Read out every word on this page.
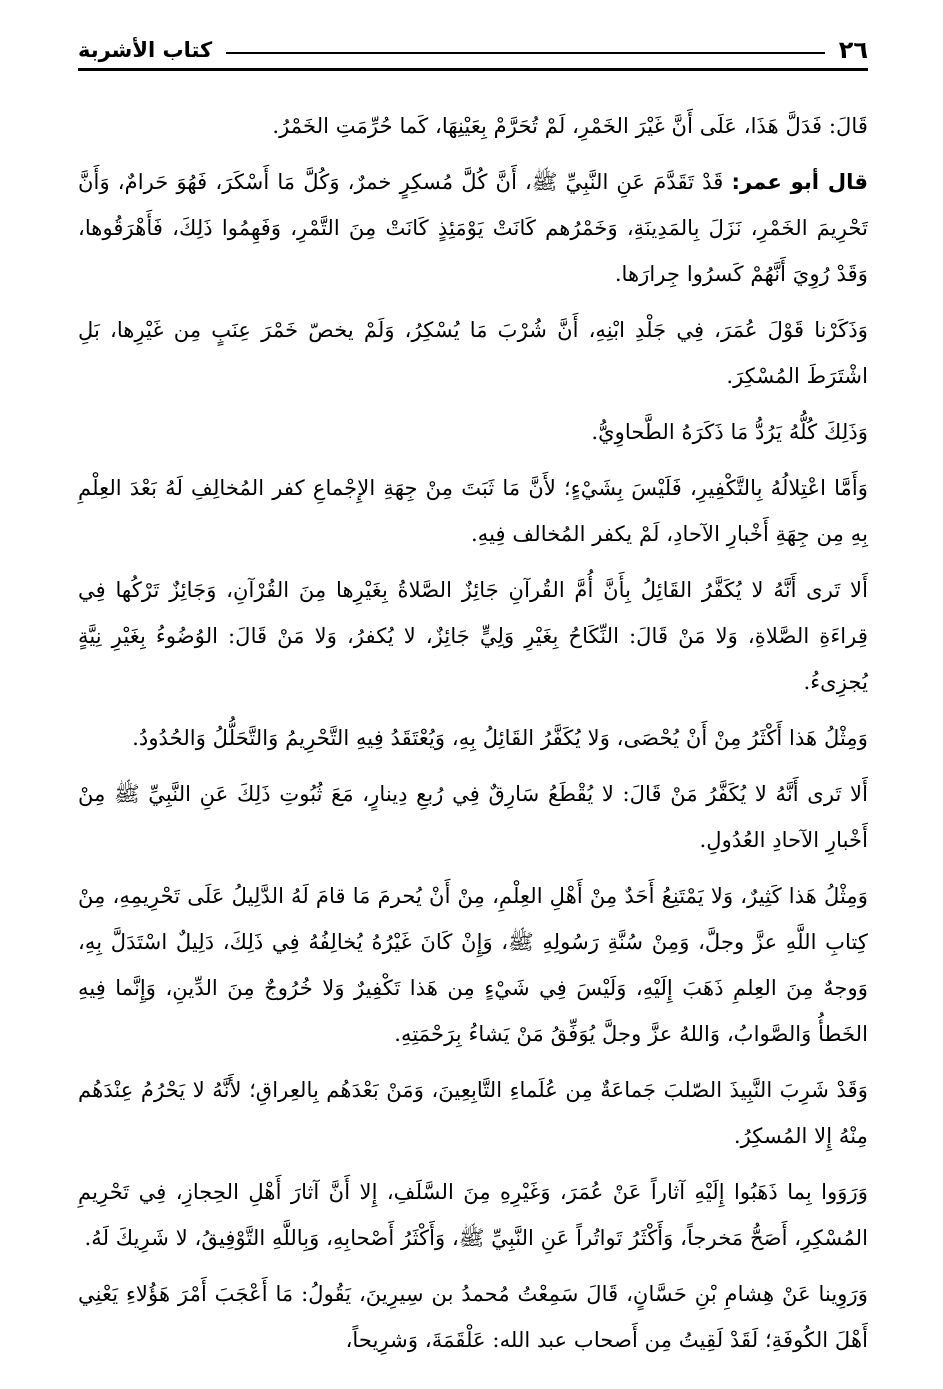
٢٦
كتاب الأشربة

قَالَ: فَدَلَّ هَذَا، عَلَى أَنَّ غَيْرَ الخَمْرِ، لَمْ تُحَرَّمْ بِعَيْنِهَا، كَما حُرِّمَتِ الخَمْرُ.

قال أبو عمر: قَدْ تَقَدَّمَ عَنِ النَّبِيِّ ﷺ، أَنَّ كُلَّ مُسكِرٍ خمرٌ، وَكُلَّ مَا أَسْكَرَ، فَهُوَ حَرامٌ، وَأَنَّ تَحْرِيمَ الخَمْرِ، نَزَلَ بِالمَدِينَةِ، وَخَمْرُهم كَانَتْ يَوْمَئِذٍ كَانَتْ مِنَ التَّمْرِ، وَفَهِمُوا ذَلِكَ، فَأَهْرَقُوها، وَقَدْ رُوِيَ أَنَّهُمْ كَسرُوا جِرارَها.

وَذَكَرْنا قَوْلَ عُمَرَ، فِي جَلْدِ ابْنِهِ، أَنَّ شُرْبَ مَا يُسْكِرُ، وَلَمْ يخصّ خَمْرَ عِنَبٍ مِن غَيْرِها، بَلِ اشْتَرَطَ المُسْكِرَ.

وَذَلِكَ كُلُّهُ يَرُدُّ مَا ذَكَرَهُ الطَّحاوِيُّ.

وَأَمَّا اعْتِلالُهُ بِالتَّكْفِيرِ، فَلَيْسَ بِشَيْءٍ؛ لأَنَّ مَا ثَبَتَ مِنْ جِهَةِ الإِجْماعِ كفر المُخالِفِ لَهُ بَعْدَ العِلْمِ بِهِ مِن جِهَةِ أَخْبارِ الآحادِ، لَمْ يكفر المُخالف فِيهِ.

أَلا تَرى أَنَّهُ لا يُكَفَّرُ القَائِلُ بِأَنَّ أُمَّ القُرآنِ جَائِزٌ الصَّلاةُ بِغَيْرِها مِنَ القُرْآنِ، وَجَائِزٌ تَرْكُها فِي قِراءَةِ الصَّلاةِ، وَلا مَنْ قَالَ: النِّكَاحُ بِغَيْرِ وَلِيٍّ جَائِزٌ، لا يُكفرُ، وَلا مَنْ قَالَ: الوُضُوءُ بِغَيْرِ نِيَّةٍ يُجزِىءُ.

وَمِثْلُ هَذا أَكْثَرُ مِنْ أَنْ يُحْصَى، وَلا يُكَفَّرُ القَائِلُ بِهِ، وَيُعْتَقَدُ فِيهِ التَّحْرِيمُ وَالتَّحَلُّلُ وَالحُدُودُ.

أَلا تَرى أَنَّهُ لا يُكَفَّرُ مَنْ قَالَ: لا يُقْطَعُ سَارِقٌ فِي رُبعِ دِينارٍ، مَعَ ثُبُوتِ ذَلِكَ عَنِ النَّبِيِّ ﷺ مِنْ أَخْبارِ الآحادِ العُدُولِ.

وَمِثْلُ هَذا كَثِيرٌ، وَلا يَمْتَنِعُ أَحَدٌ مِنْ أَهْلِ العِلْمِ، مِنْ أَنْ يُحرمَ مَا قامَ لَهُ الدَّلِيلُ عَلَى تَحْرِيمِهِ، مِنْ كِتابِ اللَّهِ عزَّ وجلَّ، وَمِنْ سُنَّةِ رَسُولِهِ ﷺ، وَإِنْ كَانَ غَيْرُهُ يُخالِفُهُ فِي ذَلِكَ، دَلِيلٌ اسْتَدَلَّ بِهِ، وَوجهٌ مِنَ العِلمِ ذَهَبَ إِلَيْهِ، وَلَيْسَ فِي شَيْءٍ مِن هَذا تَكْفِيرٌ وَلا خُرُوجٌ مِنَ الدِّينِ، وَإِنَّما فِيهِ الخَطأُ وَالصَّوابُ، وَاللهُ عزَّ وجلَّ يُوَفِّقُ مَنْ يَشاءُ بِرَحْمَتِهِ.

وَقَدْ شَرِبَ النَّبِيذَ الصّلبَ جَماعَةٌ مِن عُلَماءِ التَّابِعِينَ، وَمَنْ بَعْدَهُم بِالعِراقِ؛ لأَنَّهُ لا يَحْرُمُ عِنْدَهُم مِنْهُ إِلا المُسكِرُ.

وَرَوَوا بِما ذَهَبُوا إِلَيْهِ آثاراً عَنْ عُمَرَ، وَغَيْرِهِ مِنَ السَّلَفِ، إِلا أَنَّ آثارَ أَهْلِ الحِجازِ، فِي تَحْرِيمِ المُسْكِرِ، أَصَحُّ مَخرجاً، وَأَكْثَرُ تَواتُراً عَنِ النَّبِيِّ ﷺ، وَأَكْثَرُ أَصْحابِهِ، وَبِاللَّهِ التَّوْفِيقُ، لا شَرِيكَ لَهُ.

وَرَوِينا عَنْ هِشامِ بْنِ حَسَّانٍ، قَالَ سَمِعْتُ مُحمدُ بن سِيرِينَ، يَقُولُ: مَا أَعْجَبَ أَمْرَ هَؤُلاءِ يَعْنِي أَهْلَ الكُوفَةِ؛ لَقَدْ لَقِيتُ مِن أَصحاب عبد الله: عَلْقَمَةَ، وَشرِيحاً،
